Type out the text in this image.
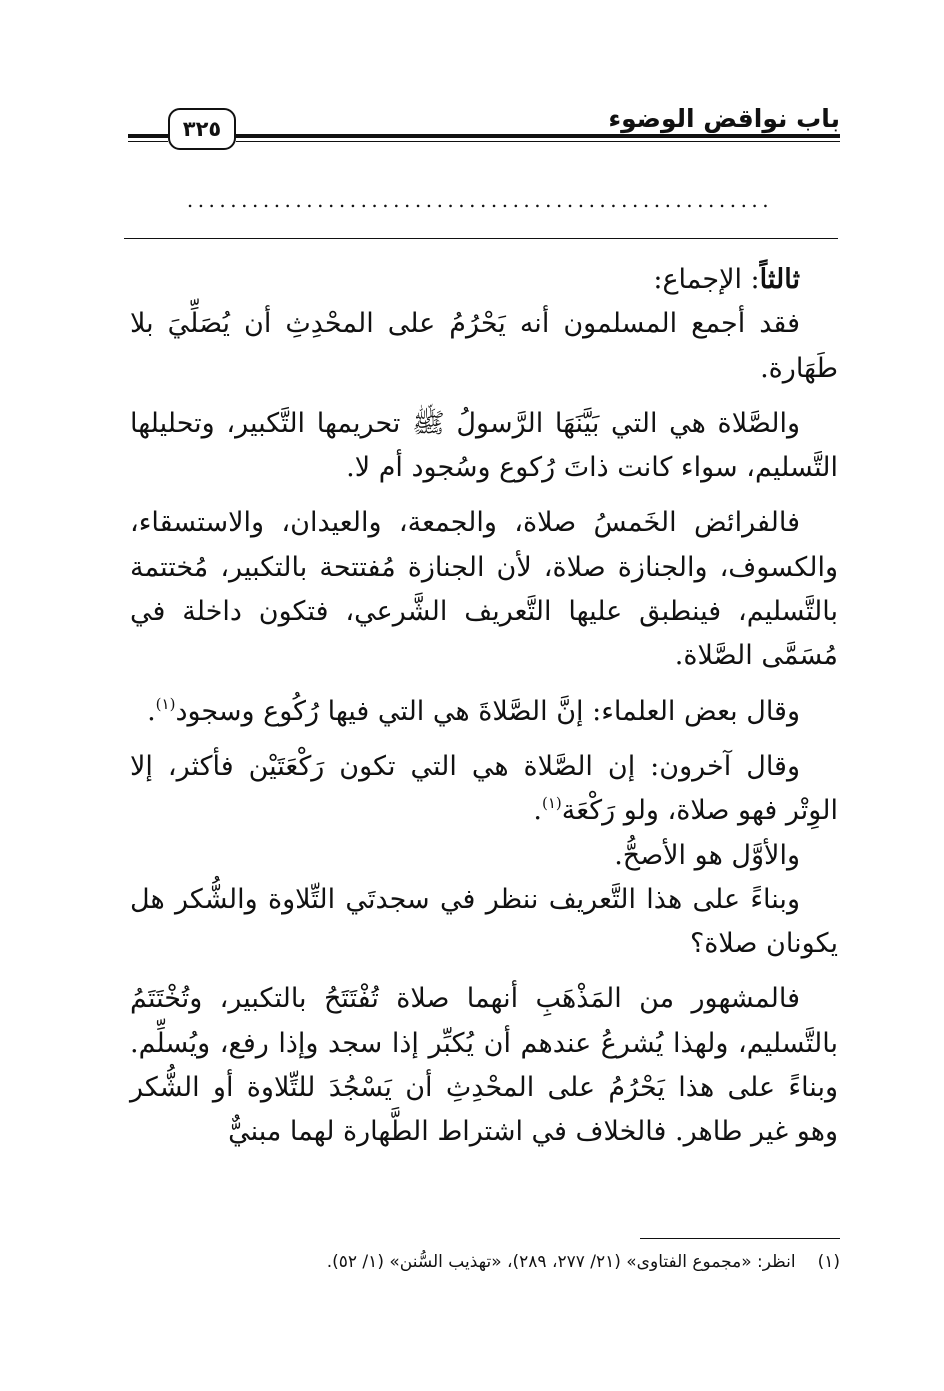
٣٢٥	باب نواقض الوضوء
......................................................

ثالثاً: الإجماع:

فقد أجمع المسلمون أنه يَحْرُمُ على المحْدِثِ أن يُصَلِّيَ بلا طَهَارة.

والصَّلاة هي التي بَيَّنَهَا الرَّسولُ ﷺ تحريمها التَّكبير، وتحليلها التَّسليم، سواء كانت ذاتَ رُكوع وسُجود أم لا.

فالفرائض الخَمسُ صلاة، والجمعة، والعيدان، والاستسقاء، والكسوف، والجنازة صلاة، لأن الجنازة مُفتتحة بالتكبير، مُختتمة بالتَّسليم، فينطبق عليها التَّعريف الشَّرعي، فتكون داخلة في مُسَمَّى الصَّلاة.

وقال بعض العلماء: إنَّ الصَّلاةَ هي التي فيها رُكُوع وسجود$^{(١)}$.

وقال آخرون: إن الصَّلاة هي التي تكون رَكْعَتَيْن فأكثر، إلا الوِتْر فهو صلاة، ولو رَكْعَة$^{(١)}$.

والأوَّل هو الأصحُّ.

وبناءً على هذا التَّعريف ننظر في سجدتَي التِّلاوة والشُّكر هل يكونان صلاة؟

فالمشهور من المَذْهَبِ أنهما صلاة تُفْتَتَحُ بالتكبير، وتُخْتَتَمُ بالتَّسليم، ولهذا يُشرعُ عندهم أن يُكبِّر إذا سجد وإذا رفع، ويُسلِّم. وبناءً على هذا يَحْرُمُ على المحْدِثِ أن يَسْجُدَ للتِّلاوة أو الشُّكر وهو غير طاهر. فالخلاف في اشتراط الطَّهارة لهما مبنيٌّ

(١)انظر: «مجموع الفتاوى» (٢١/ ٢٧٧، ٢٨٩)، «تهذيب السُّنن» (١/ ٥٢).
